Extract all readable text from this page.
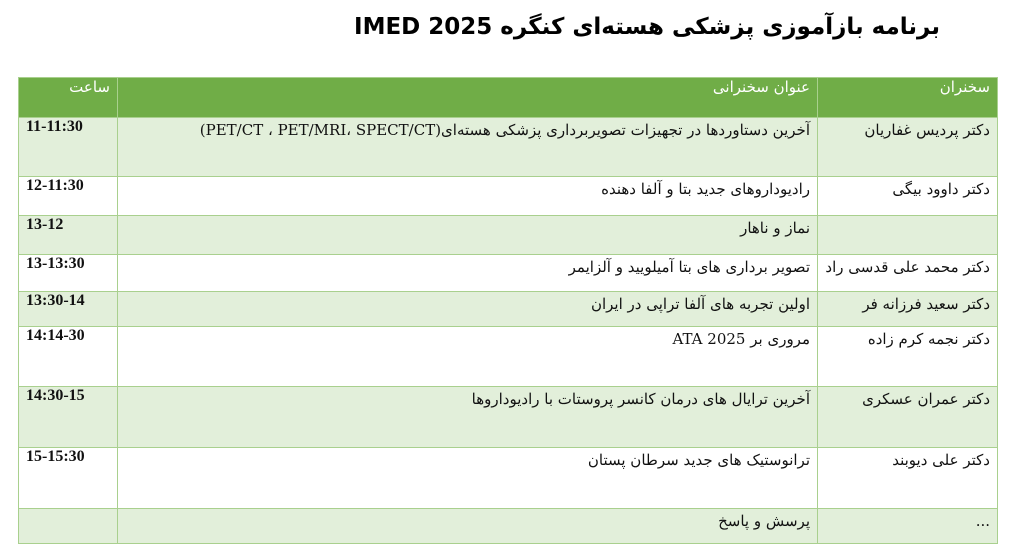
برنامه بازآموزی پزشکی هسته‌ای کنگره IMED 2025
سخنران	عنوان سخنرانی	ساعت
دکتر پردیس غفاریان	آخرین دستاوردها در تجهیزات تصویربرداری پزشکی هسته‌ای(PET/CT ، PET/MRI، SPECT/CT)	11-11:30
دکتر داوود بیگی	رادیوداروهای جدید بتا و آلفا دهنده	12-11:30
	نماز و ناهار	13-12
دکتر محمد علی قدسی راد	تصویر برداری های بتا آمیلویید و آلزایمر	13-13:30
دکتر سعید فرزانه فر	اولین تجربه های آلفا تراپی در ایران	13:30-14
دکتر نجمه کرم زاده	مروری بر ATA 2025	14:14-30
دکتر عمران عسکری	آخرین ترایال های درمان کانسر پروستات با رادیوداروها	14:30-15
دکتر علی دیوبند	ترانوستیک های جدید سرطان پستان	15-15:30
...	پرسش و پاسخ	
